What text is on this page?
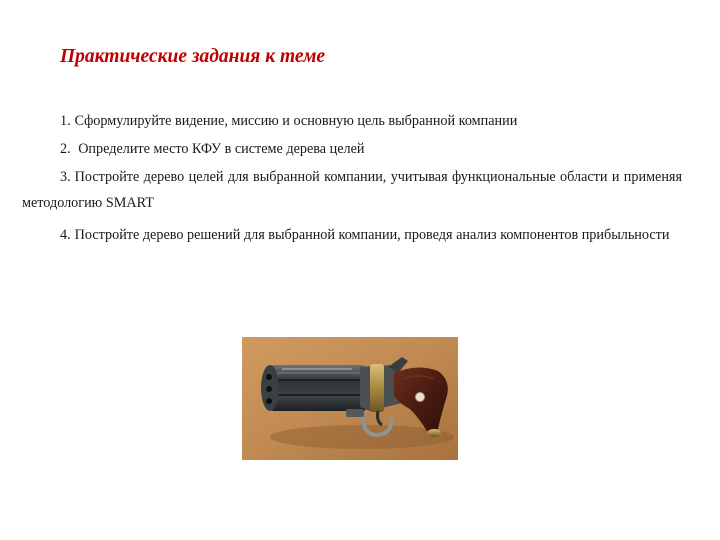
Практические задания к теме

1. Сформулируйте видение, миссию и основную цель выбранной компании

2. Определите место КФУ в системе дерева целей

3. Постройте дерево целей для выбранной компании, учитывая функциональные области и применяя методологию SMART

4. Постройте дерево решений для выбранной компании, проведя анализ компонентов прибыльности
